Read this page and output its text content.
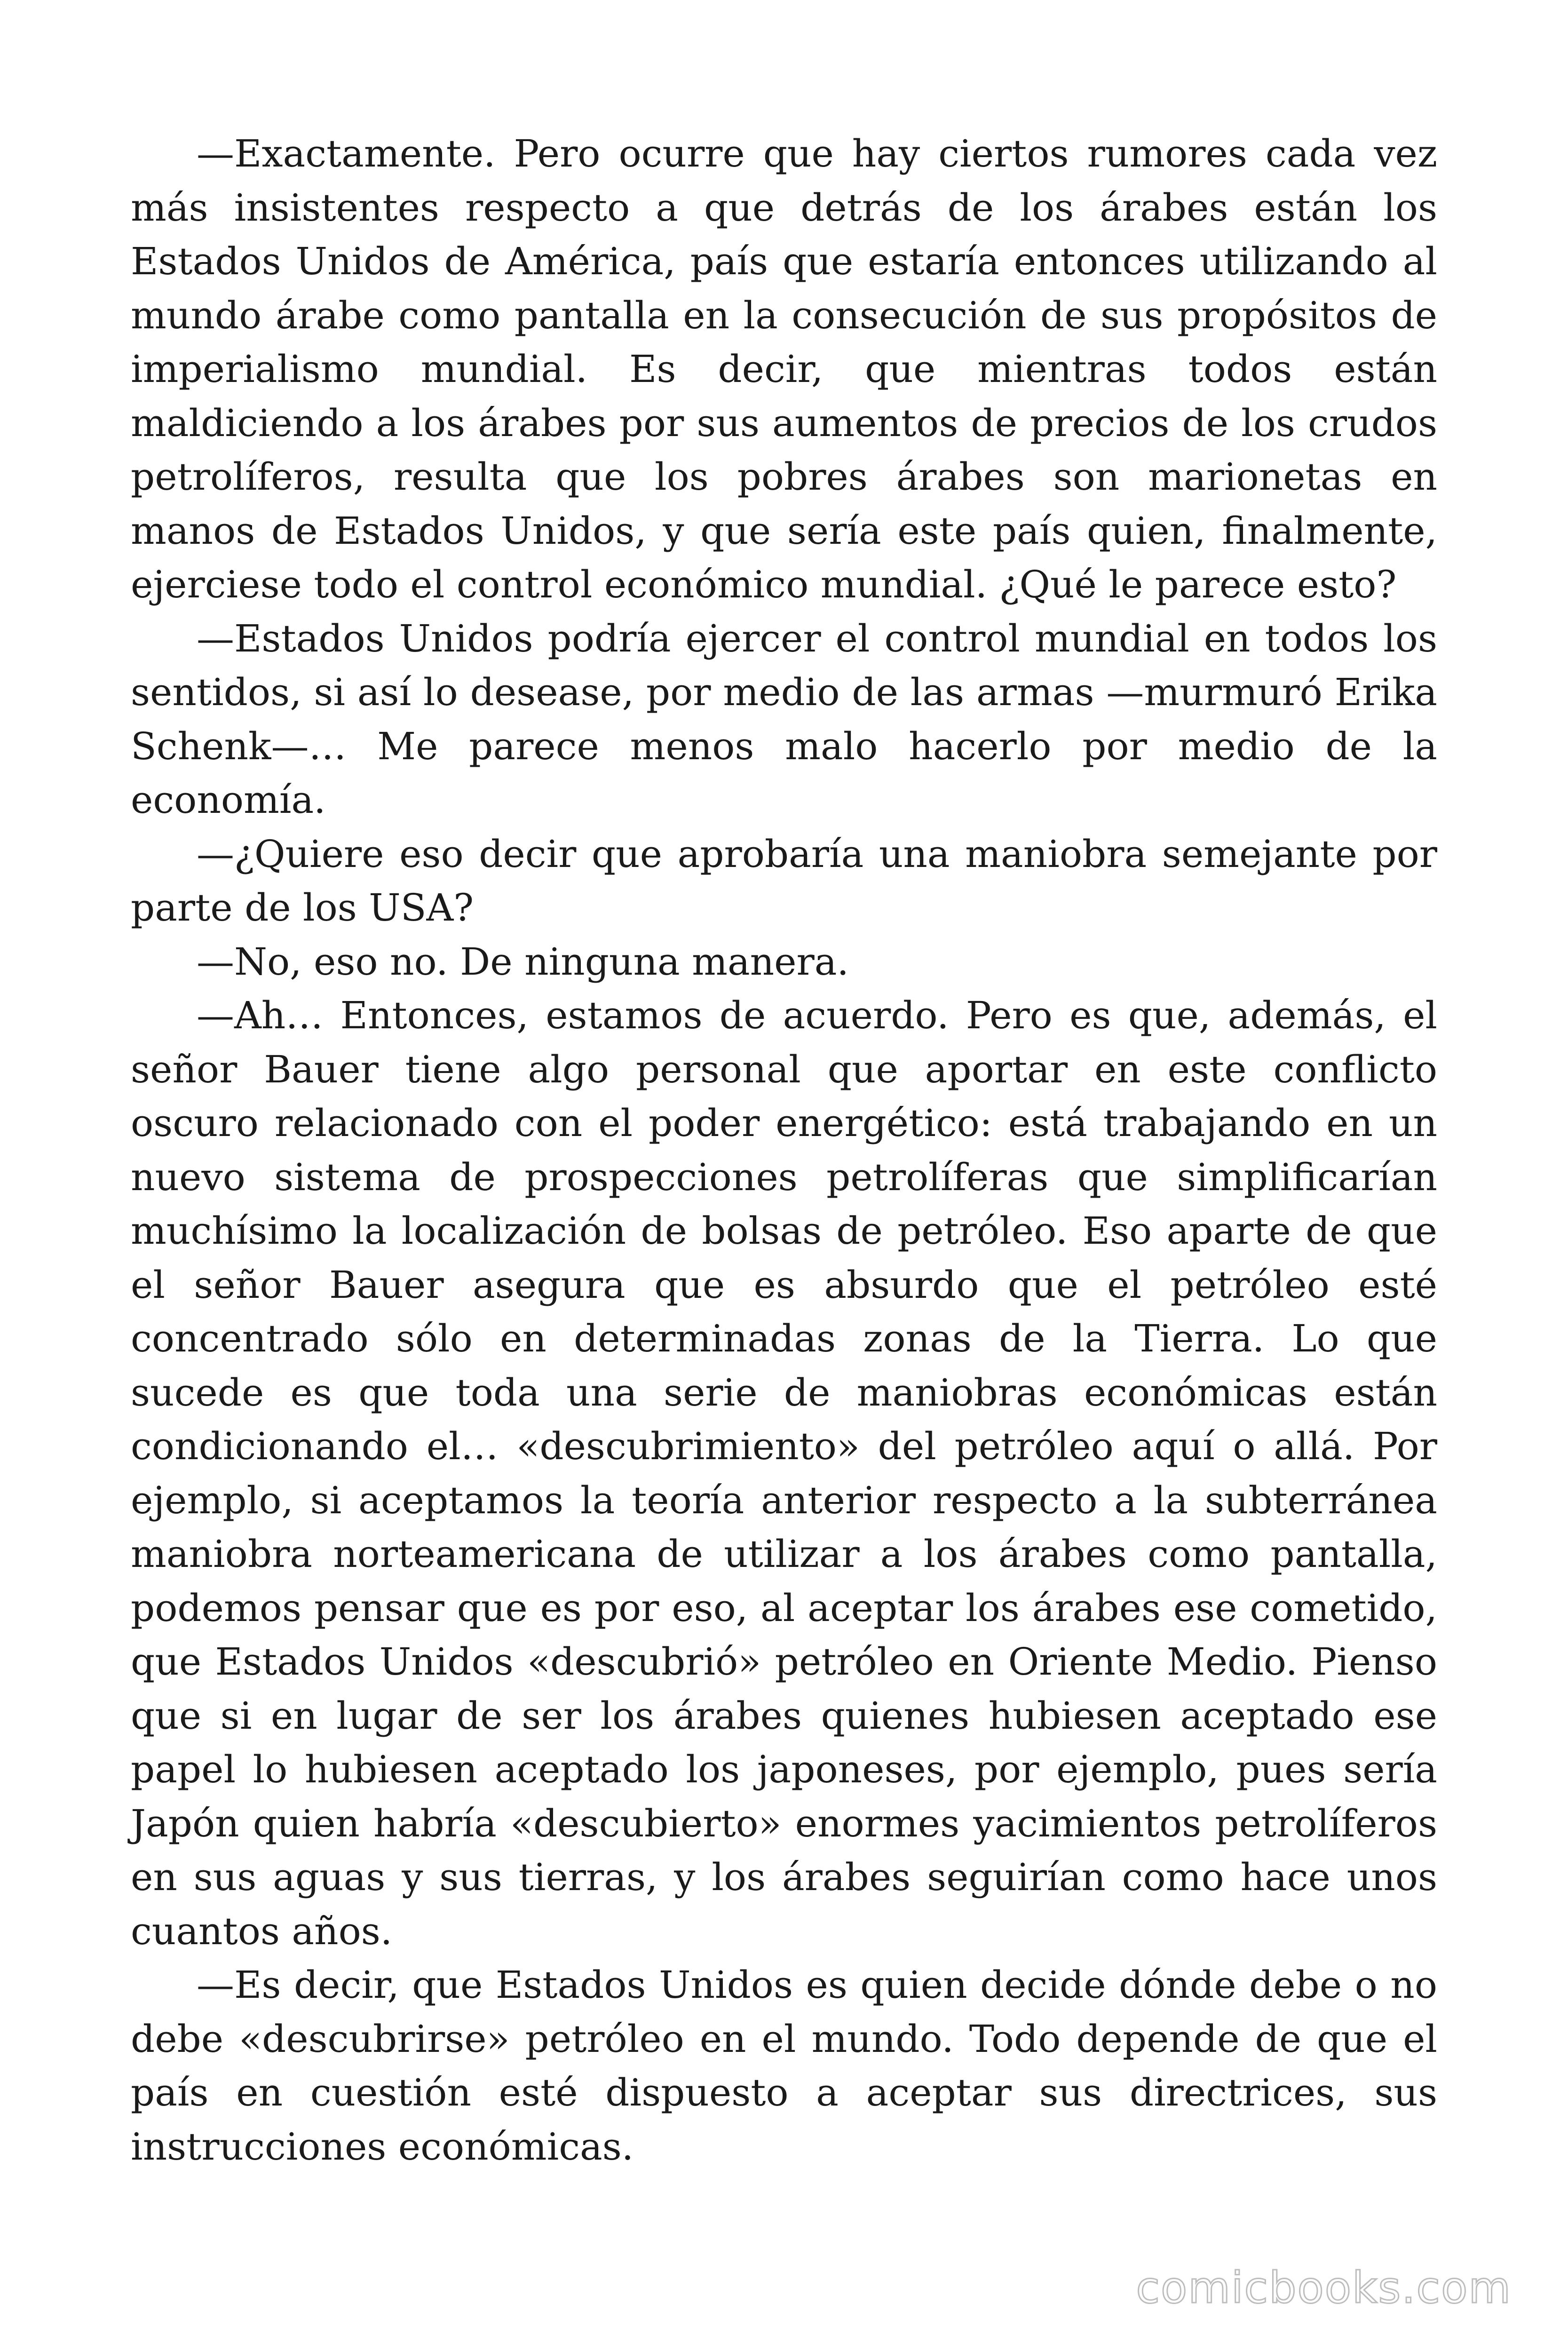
—Exactamente. Pero ocurre que hay ciertos rumores cada vez más insistentes respecto a que detrás de los árabes están los Estados Unidos de América, país que estaría entonces utilizando al mundo árabe como pantalla en la consecución de sus propósitos de imperialismo mundial. Es decir, que mientras todos están maldiciendo a los árabes por sus aumentos de precios de los crudos petrolíferos, resulta que los pobres árabes son marionetas en manos de Estados Unidos, y que sería este país quien, finalmente, ejerciese todo el control económico mundial. ¿Qué le parece esto?

—Estados Unidos podría ejercer el control mundial en todos los sentidos, si así lo desease, por medio de las armas —murmuró Erika Schenk—… Me parece menos malo hacerlo por medio de la economía.

—¿Quiere eso decir que aprobaría una maniobra semejante por parte de los USA?

—No, eso no. De ninguna manera.

—Ah… Entonces, estamos de acuerdo. Pero es que, además, el señor Bauer tiene algo personal que aportar en este conflicto oscuro relacionado con el poder energético: está trabajando en un nuevo sistema de prospecciones petrolíferas que simplificarían muchísimo la localización de bolsas de petróleo. Eso aparte de que el señor Bauer asegura que es absurdo que el petróleo esté concentrado sólo en determinadas zonas de la Tierra. Lo que sucede es que toda una serie de maniobras económicas están condicionando el… «descubrimiento» del petróleo aquí o allá. Por ejemplo, si aceptamos la teoría anterior respecto a la subterránea maniobra norteamericana de utilizar a los árabes como pantalla, podemos pensar que es por eso, al aceptar los árabes ese cometido, que Estados Unidos «descubrió» petróleo en Oriente Medio. Pienso que si en lugar de ser los árabes quienes hubiesen aceptado ese papel lo hubiesen aceptado los japoneses, por ejemplo, pues sería Japón quien habría «descubierto» enormes yacimientos petrolíferos en sus aguas y sus tierras, y los árabes seguirían como hace unos cuantos años.

—Es decir, que Estados Unidos es quien decide dónde debe o no debe «descubrirse» petróleo en el mundo. Todo depende de que el país en cuestión esté dispuesto a aceptar sus directrices, sus instrucciones económicas.

comicbooks.com
